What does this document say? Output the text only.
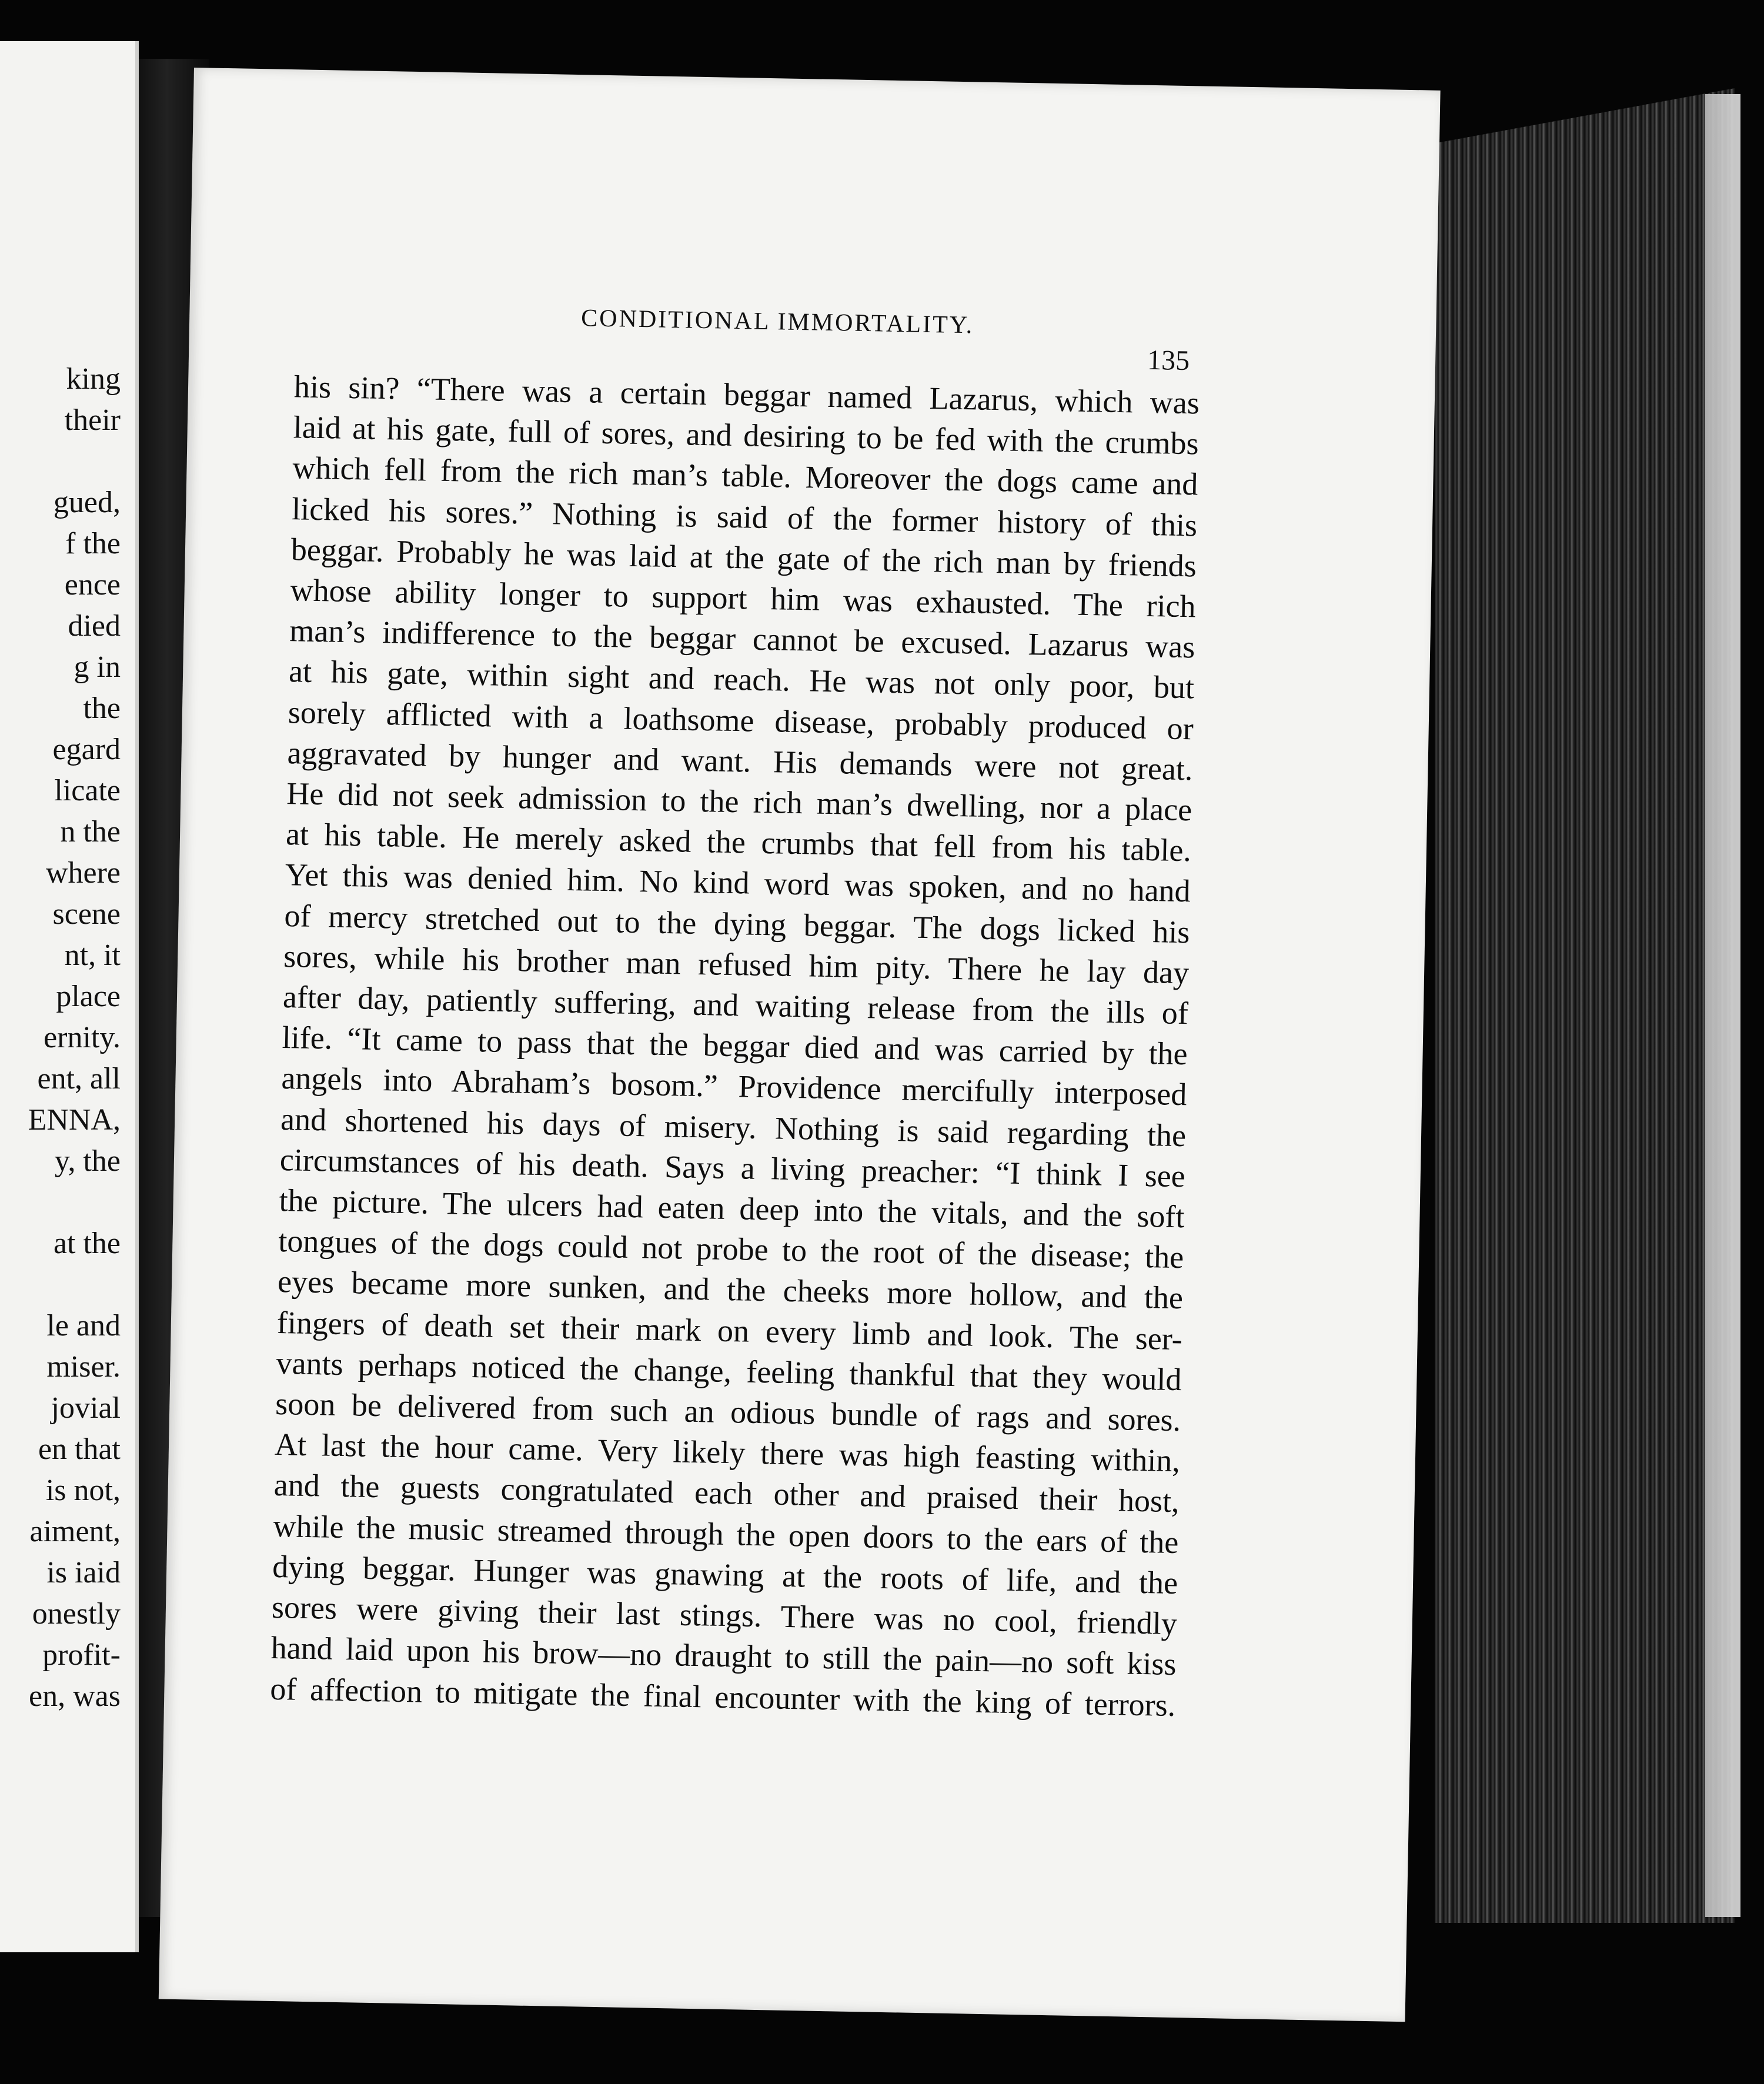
king
their

gued,
f the
ence
died
g in
the
egard
licate
n the
where
scene
nt, it
place
ernity.
ent, all
ENNA,
y, the

at the

le and
miser.
jovial
en that
is not,
aiment,
is iaid
onestly
profit-
en, was
CONDITIONAL IMMORTALITY.
135
his sin? “There was a certain beggar named Lazarus, which was
laid at his gate, full of sores, and desiring to be fed with the crumbs
which fell from the rich man’s table. Moreover the dogs came and
licked his sores.” Nothing is said of the former history of this
beggar. Probably he was laid at the gate of the rich man by friends
whose ability longer to support him was exhausted. The rich
man’s indifference to the beggar cannot be excused. Lazarus was
at his gate, within sight and reach. He was not only poor, but
sorely afflicted with a loathsome disease, probably produced or
aggravated by hunger and want. His demands were not great.
He did not seek admission to the rich man’s dwelling, nor a place
at his table. He merely asked the crumbs that fell from his table.
Yet this was denied him. No kind word was spoken, and no hand
of mercy stretched out to the dying beggar. The dogs licked his
sores, while his brother man refused him pity. There he lay day
after day, patiently suffering, and waiting release from the ills of
life. “It came to pass that the beggar died and was carried by the
angels into Abraham’s bosom.” Providence mercifully interposed
and shortened his days of misery. Nothing is said regarding the
circumstances of his death. Says a living preacher: “I think I see
the picture. The ulcers had eaten deep into the vitals, and the soft
tongues of the dogs could not probe to the root of the disease; the
eyes became more sunken, and the cheeks more hollow, and the
fingers of death set their mark on every limb and look. The ser-
vants perhaps noticed the change, feeling thankful that they would
soon be delivered from such an odious bundle of rags and sores.
At last the hour came. Very likely there was high feasting within,
and the guests congratulated each other and praised their host,
while the music streamed through the open doors to the ears of the
dying beggar. Hunger was gnawing at the roots of life, and the
sores were giving their last stings. There was no cool, friendly
hand laid upon his brow—no draught to still the pain—no soft kiss
of affection to mitigate the final encounter with the king of terrors.
